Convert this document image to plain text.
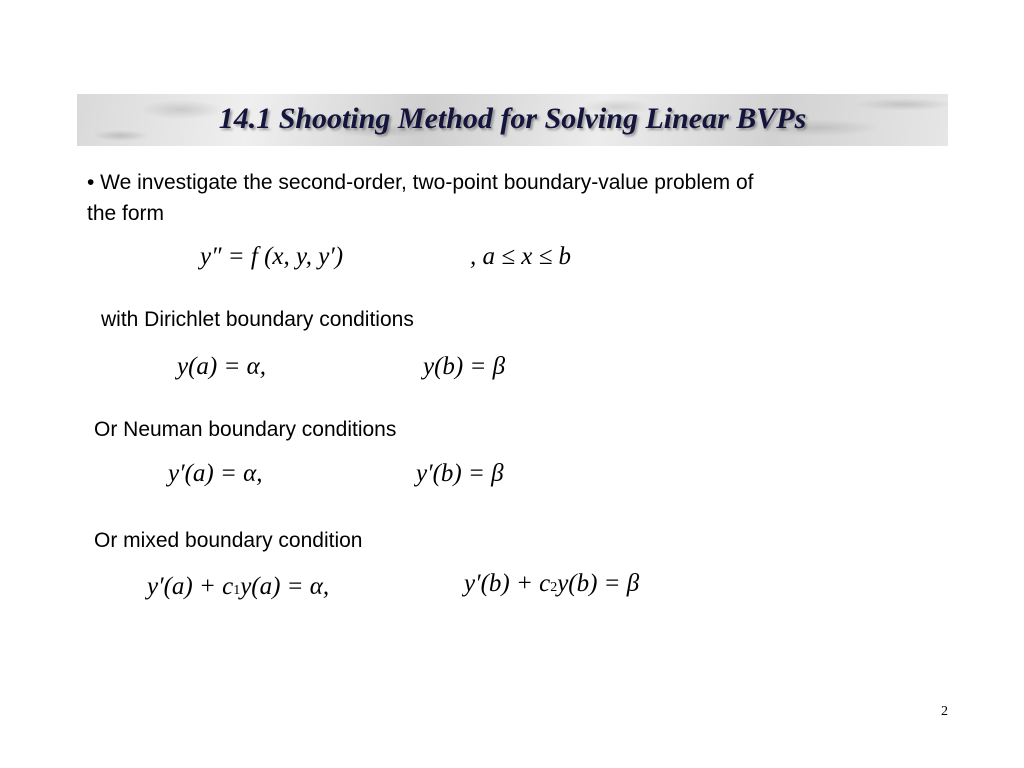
14.1 Shooting Method for Solving Linear BVPs
• We investigate the second-order, two-point boundary-value problem of
the form
y″ = f (x, y, y′)	, a ≤ x ≤ b
with Dirichlet boundary conditions
y(a) = α,	y(b) = β
Or Neuman boundary conditions
y′(a) = α,	y′(b) = β
Or mixed boundary condition
y′(a) + c1y(a) = α,	y′(b) + c2y(b) = β
2
